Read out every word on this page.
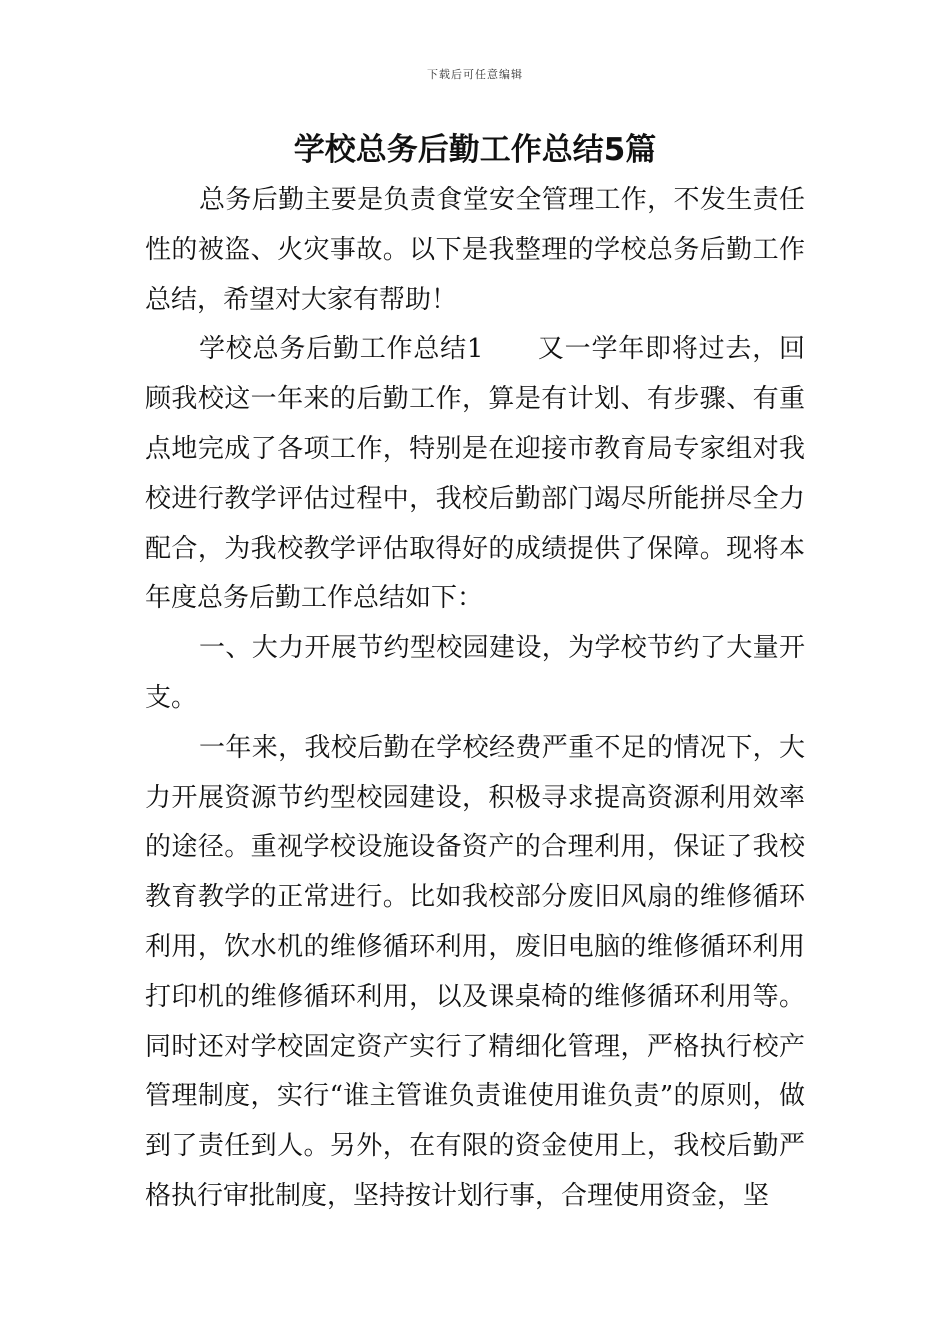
下载后可任意编辑
学校总务后勤工作总结5篇

总务后勤主要是负责食堂安全管理工作，不发生责任性的被盗、火灾事故。以下是我整理的学校总务后勤工作总结，希望对大家有帮助！

学校总务后勤工作总结1　　又一学年即将过去，回顾我校这一年来的后勤工作，算是有计划、有步骤、有重点地完成了各项工作，特别是在迎接市教育局专家组对我校进行教学评估过程中，我校后勤部门竭尽所能拼尽全力配合，为我校教学评估取得好的成绩提供了保障。现将本年度总务后勤工作总结如下：

一、大力开展节约型校园建设，为学校节约了大量开支。

一年来，我校后勤在学校经费严重不足的情况下，大力开展资源节约型校园建设，积极寻求提高资源利用效率的途径。重视学校设施设备资产的合理利用，保证了我校教育教学的正常进行。比如我校部分废旧风扇的维修循环利用，饮水机的维修循环利用，废旧电脑的维修循环利用打印机的维修循环利用，以及课桌椅的维修循环利用等。同时还对学校固定资产实行了精细化管理，严格执行校产管理制度，实行“谁主管谁负责谁使用谁负责”的原则，做到了责任到人。另外，在有限的资金使用上，我校后勤严格执行审批制度，坚持按计划行事，合理使用资金，坚
